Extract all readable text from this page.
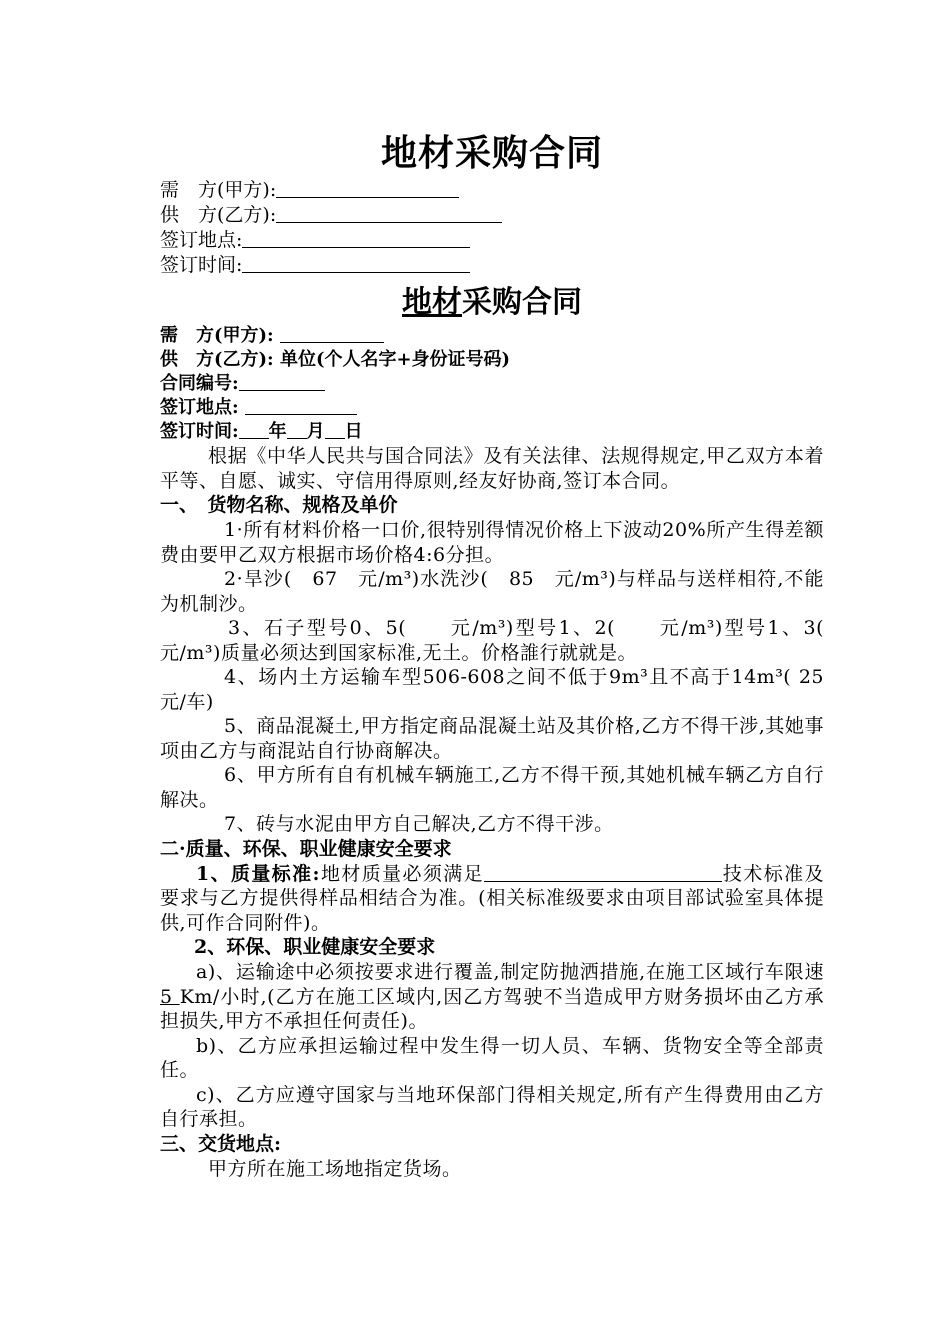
地材采购合同
需　方(甲方):
供　方(乙方):
签订地点:
签订时间:
地材采购合同
需　方(甲方):
供　方(乙方): 单位(个人名字+身份证号码)
合同编号:
签订地点:
签订时间: 年 月 日
根据《中华人民共与国合同法》及有关法律、法规得规定,甲乙双方本着平等、自愿、诚实、守信用得原则,经友好协商,签订本合同。
一、　货物名称、规格及单价
1·所有材料价格一口价,很特别得情况价格上下波动20%所产生得差额费由要甲乙双方根据市场价格4:6分担。
2·旱沙(　67　元/m³)水洗沙(　85　元/m³)与样品与送样相符,不能为机制沙。
3、石子型号0、5(　　元/m³)型号1、2(　　元/m³)型号1、3(　 元/m³)质量必须达到国家标准,无土。价格誰行就就是。
4、场内土方运输车型506-608之间不低于9m³且不高于14m³( 25元/车)
5、商品混凝土,甲方指定商品混凝土站及其价格,乙方不得干涉,其她事项由乙方与商混站自行协商解决。
6、甲方所有自有机械车辆施工,乙方不得干预,其她机械车辆乙方自行解决。
7、砖与水泥由甲方自己解决,乙方不得干涉。
二·质量、环保、职业健康安全要求
1、质量标准:地材质量必须满足	技术标准及要求与乙方提供得样品相结合为准。(相关标准级要求由项目部试验室具体提供,可作合同附件)。
2、环保、职业健康安全要求
a)、运输途中必须按要求进行覆盖,制定防抛洒措施,在施工区域行车限速 5 Km/小时,(乙方在施工区域内,因乙方驾驶不当造成甲方财务损坏由乙方承担损失,甲方不承担任何责任)。
b)、乙方应承担运输过程中发生得一切人员、车辆、货物安全等全部责任。
c)、乙方应遵守国家与当地环保部门得相关规定,所有产生得费用由乙方自行承担。
三、交货地点:
甲方所在施工场地指定货场。
